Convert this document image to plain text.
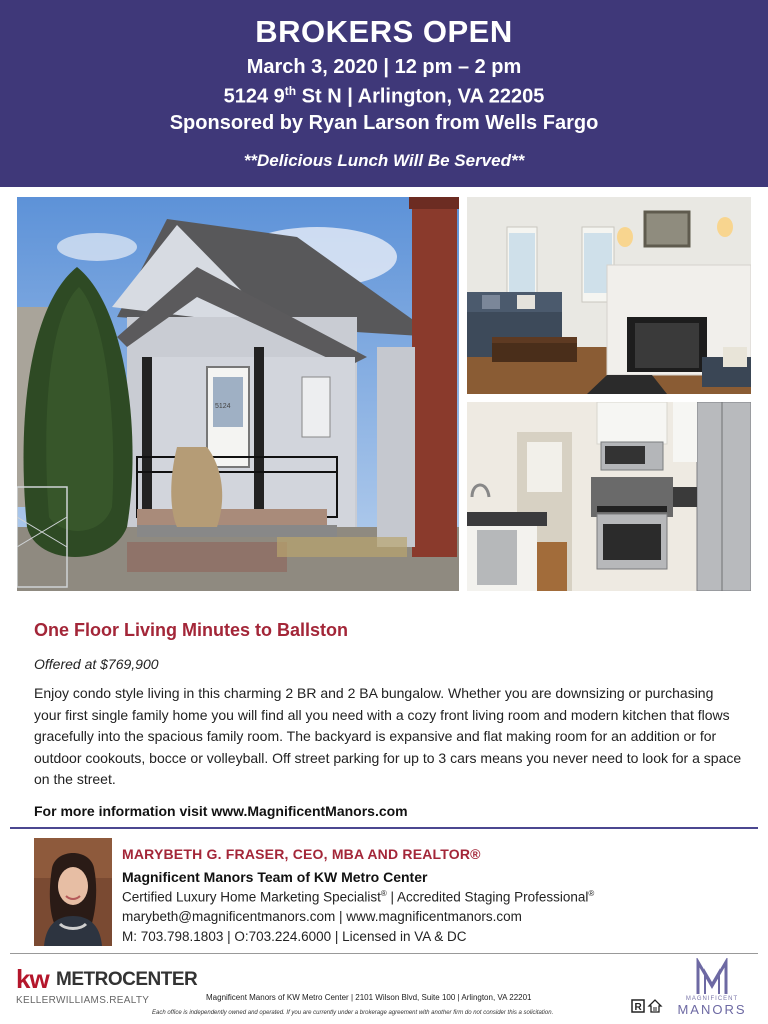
BROKERS OPEN
March 3, 2020 | 12 pm – 2 pm
5124 9th St N | Arlington, VA 22205
Sponsored by Ryan Larson from Wells Fargo
**Delicious Lunch Will Be Served**
5124
One Floor Living Minutes to Ballston
Offered at $769,900
Enjoy condo style living in this charming 2 BR and 2 BA bungalow. Whether you are downsizing or purchasing your first single family home you will find all you need with a cozy front living room and modern kitchen that flows gracefully into the spacious family room. The backyard is expansive and flat making room for an addition or for outdoor cookouts, bocce or volleyball. Off street parking for up to 3 cars means you never need to look for a space on the street.
For more information visit www.MagnificentManors.com
MARYBETH G. FRASER, CEO, MBA AND REALTOR®
Magnificent Manors Team of KW Metro Center
Certified Luxury Home Marketing Specialist® | Accredited Staging Professional®
marybeth@magnificentmanors.com | www.magnificentmanors.com
M: 703.798.1803 | O:703.224.6000 | Licensed in VA & DC
kw METROCENTER
KELLERWILLIAMS.REALTY	Magnificent Manors of KW Metro Center | 2101 Wilson Blvd, Suite 100 | Arlington, VA 22201
Each office is independently owned and operated. If you are currently under a brokerage agreement with another firm do not consider this a solicitation.	R
MAGNIFICENT
MANORS
